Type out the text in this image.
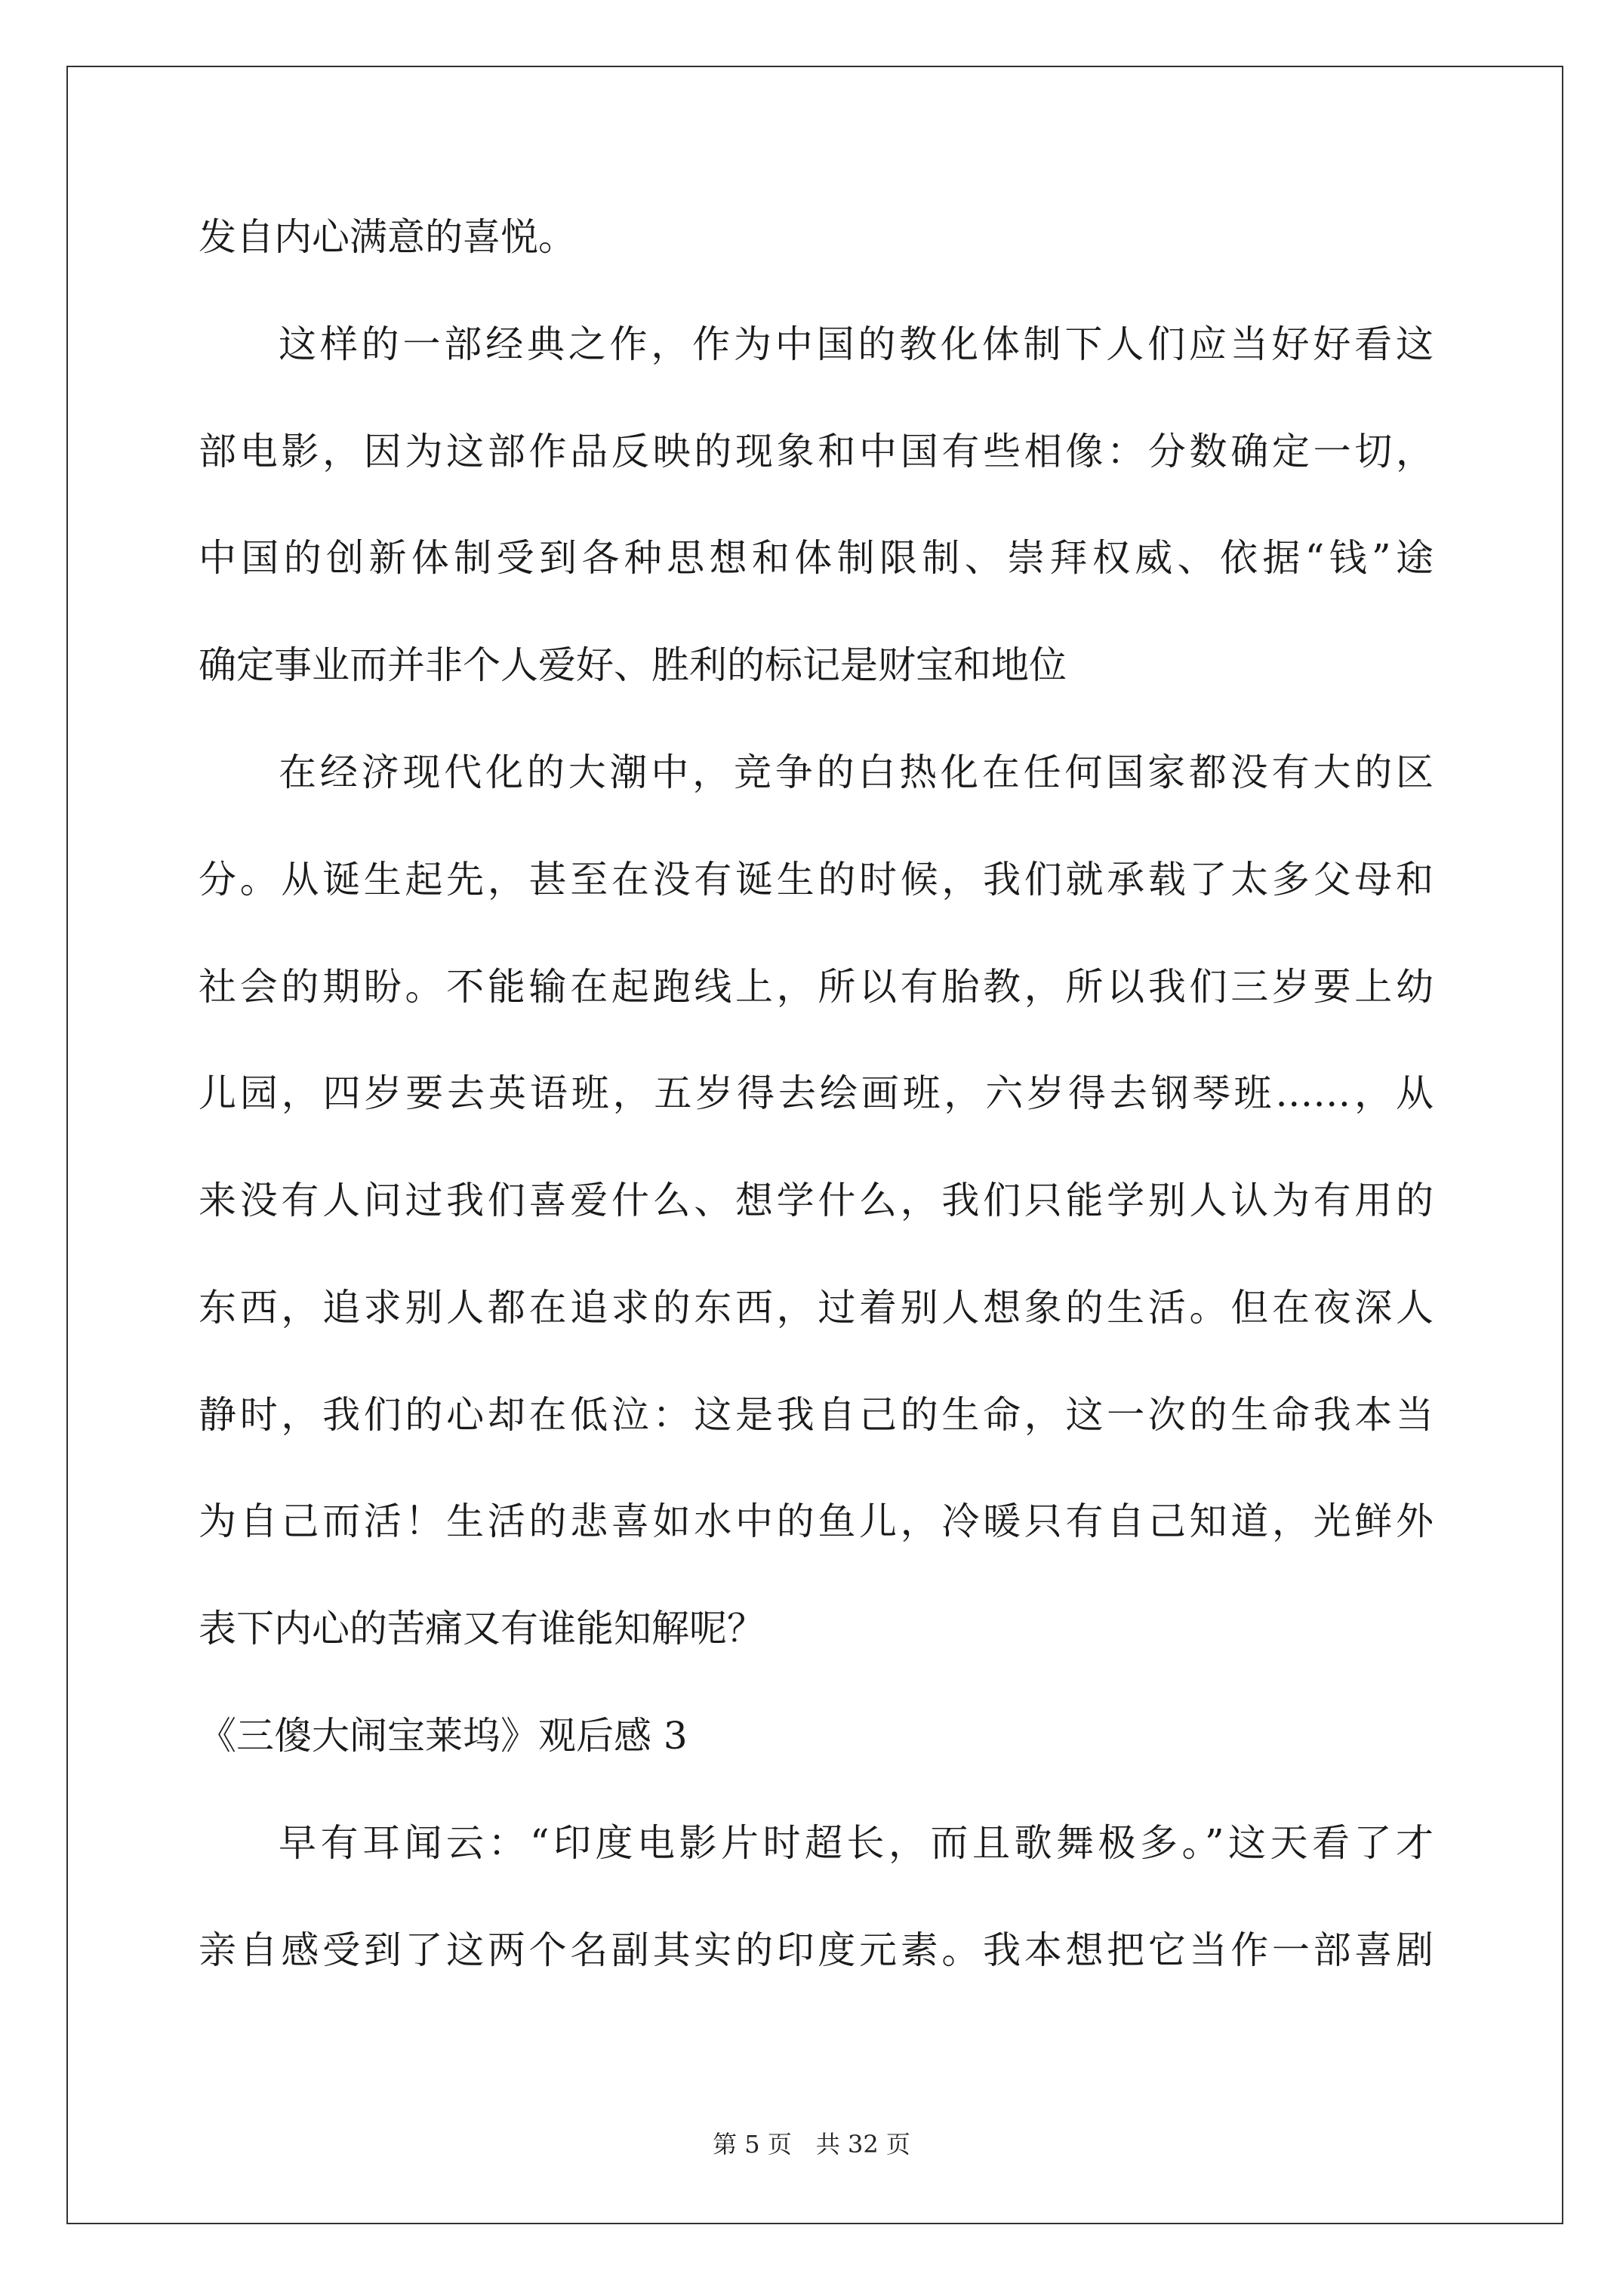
发自内心满意的喜悦。
这样的一部经典之作，作为中国的教化体制下人们应当好好看这
部电影，因为这部作品反映的现象和中国有些相像：分数确定一切，
中国的创新体制受到各种思想和体制限制、崇拜权威、依据“钱”途
确定事业而并非个人爱好、胜利的标记是财宝和地位
在经济现代化的大潮中，竞争的白热化在任何国家都没有大的区
分。从诞生起先，甚至在没有诞生的时候，我们就承载了太多父母和
社会的期盼。不能输在起跑线上，所以有胎教，所以我们三岁要上幼
儿园，四岁要去英语班，五岁得去绘画班，六岁得去钢琴班……，从
来没有人问过我们喜爱什么、想学什么，我们只能学别人认为有用的
东西，追求别人都在追求的东西，过着别人想象的生活。但在夜深人
静时，我们的心却在低泣：这是我自己的生命，这一次的生命我本当
为自己而活！生活的悲喜如水中的鱼儿，冷暖只有自己知道，光鲜外
表下内心的苦痛又有谁能知解呢？
《三傻大闹宝莱坞》观后感 3
早有耳闻云：“印度电影片时超长，而且歌舞极多。”这天看了才
亲自感受到了这两个名副其实的印度元素。我本想把它当作一部喜剧
第 5 页　共 32 页
